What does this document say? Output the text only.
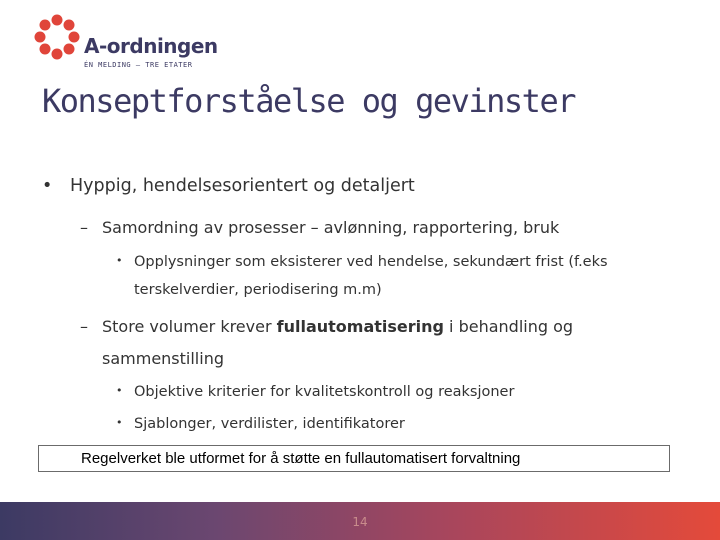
A-ordningen
ÉN MELDING – TRE ETATER
Konseptforståelse og gevinster
• Hyppig, hendelsesorientert og detaljert
– Samordning av prosesser – avlønning, rapportering, bruk
• Opplysninger som eksisterer ved hendelse, sekundært frist (f.eks
terskelverdier, periodisering m.m)
– Store volumer krever fullautomatisering i behandling og
sammenstilling
• Objektive kriterier for kvalitetskontroll og reaksjoner
• Sjablonger, verdilister, identifikatorer
Regelverket ble utformet for å støtte en fullautomatisert forvaltning
14
